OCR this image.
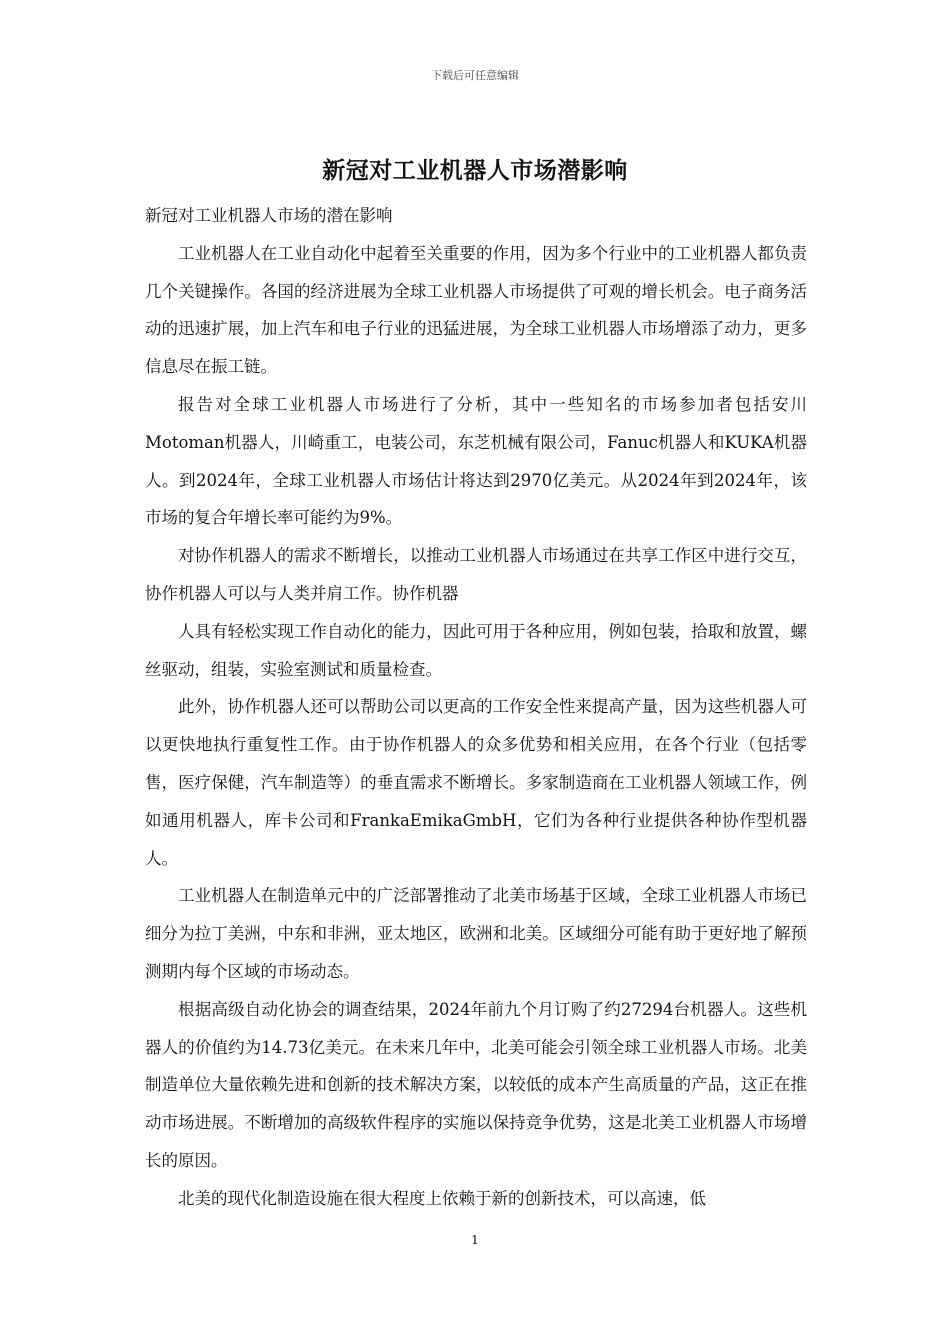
下载后可任意编辑
新冠对工业机器人市场潜影响

新冠对工业机器人市场的潜在影响

工业机器人在工业自动化中起着至关重要的作用，因为多个行业中的工业机器人都负责几个关键操作。各国的经济进展为全球工业机器人市场提供了可观的增长机会。电子商务活动的迅速扩展，加上汽车和电子行业的迅猛进展，为全球工业机器人市场增添了动力，更多信息尽在振工链。

报告对全球工业机器人市场进行了分析，其中一些知名的市场参加者包括安川Motoman机器人，川崎重工，电装公司，东芝机械有限公司，Fanuc机器人和KUKA机器人。到2024年，全球工业机器人市场估计将达到2970亿美元。从2024年到2024年，该市场的复合年增长率可能约为9%。

对协作机器人的需求不断增长，以推动工业机器人市场通过在共享工作区中进行交互，协作机器人可以与人类并肩工作。协作机器

人具有轻松实现工作自动化的能力，因此可用于各种应用，例如包装，拾取和放置，螺丝驱动，组装，实验室测试和质量检查。

此外，协作机器人还可以帮助公司以更高的工作安全性来提高产量，因为这些机器人可以更快地执行重复性工作。由于协作机器人的众多优势和相关应用，在各个行业（包括零售，医疗保健，汽车制造等）的垂直需求不断增长。多家制造商在工业机器人领域工作，例如通用机器人，库卡公司和FrankaEmikaGmbH，它们为各种行业提供各种协作型机器人。

工业机器人在制造单元中的广泛部署推动了北美市场基于区域，全球工业机器人市场已细分为拉丁美洲，中东和非洲，亚太地区，欧洲和北美。区域细分可能有助于更好地了解预测期内每个区域的市场动态。

根据高级自动化协会的调查结果，2024年前九个月订购了约27294台机器人。这些机器人的价值约为14.73亿美元。在未来几年中，北美可能会引领全球工业机器人市场。北美制造单位大量依赖先进和创新的技术解决方案，以较低的成本产生高质量的产品，这正在推动市场进展。不断增加的高级软件程序的实施以保持竞争优势，这是北美工业机器人市场增长的原因。

北美的现代化制造设施在很大程度上依赖于新的创新技术，可以高速，低

1
